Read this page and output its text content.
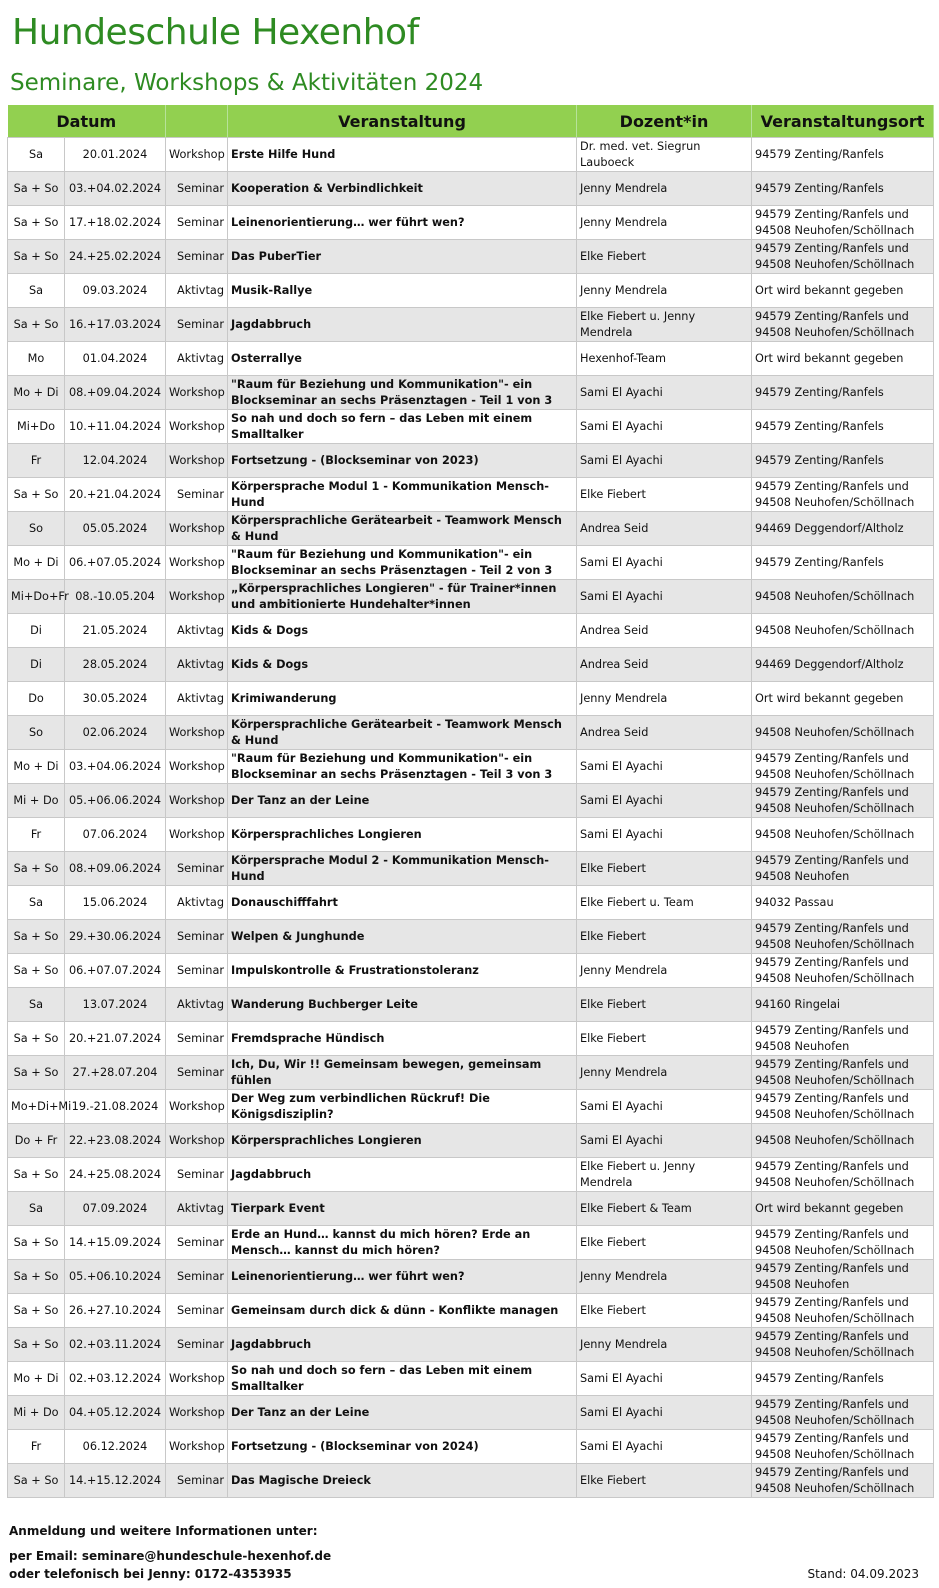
Hundeschule Hexenhof
Seminare, Workshops & Aktivitäten 2024
Datum			Veranstaltung	Dozent*in	Veranstaltungsort
Sa	20.01.2024	Workshop	Erste Hilfe Hund	Dr. med. vet. Siegrun Lauboeck	94579 Zenting/Ranfels
Sa + So	03.+04.02.2024	Seminar	Kooperation & Verbindlichkeit	Jenny Mendrela	94579 Zenting/Ranfels
Sa + So	17.+18.02.2024	Seminar	Leinenorientierung… wer führt wen?	Jenny Mendrela	94579 Zenting/Ranfels und 94508 Neuhofen/Schöllnach
Sa + So	24.+25.02.2024	Seminar	Das PuberTier	Elke Fiebert	94579 Zenting/Ranfels und 94508 Neuhofen/Schöllnach
Sa	09.03.2024	Aktivtag	Musik-Rallye	Jenny Mendrela	Ort wird bekannt gegeben
Sa + So	16.+17.03.2024	Seminar	Jagdabbruch	Elke Fiebert u. Jenny Mendrela	94579 Zenting/Ranfels und 94508 Neuhofen/Schöllnach
Mo	01.04.2024	Aktivtag	Osterrallye	Hexenhof-Team	Ort wird bekannt gegeben
Mo + Di	08.+09.04.2024	Workshop	"Raum für Beziehung und Kommunikation"- ein Blockseminar an sechs Präsenztagen - Teil 1 von 3	Sami El Ayachi	94579 Zenting/Ranfels
Mi+Do	10.+11.04.2024	Workshop	So nah und doch so fern – das Leben mit einem Smalltalker	Sami El Ayachi	94579 Zenting/Ranfels
Fr	12.04.2024	Workshop	Fortsetzung - (Blockseminar von 2023)	Sami El Ayachi	94579 Zenting/Ranfels
Sa + So	20.+21.04.2024	Seminar	Körpersprache Modul 1 - Kommunikation Mensch-Hund	Elke Fiebert	94579 Zenting/Ranfels und 94508 Neuhofen/Schöllnach
So	05.05.2024	Workshop	Körpersprachliche Gerätearbeit - Teamwork Mensch & Hund	Andrea Seid	94469 Deggendorf/Altholz
Mo + Di	06.+07.05.2024	Workshop	"Raum für Beziehung und Kommunikation"- ein Blockseminar an sechs Präsenztagen - Teil 2 von 3	Sami El Ayachi	94579 Zenting/Ranfels
Mi+Do+Fr	08.-10.05.204	Workshop	„Körpersprachliches Longieren" - für Trainer*innen und ambitionierte Hundehalter*innen	Sami El Ayachi	94508 Neuhofen/Schöllnach
Di	21.05.2024	Aktivtag	Kids & Dogs	Andrea Seid	94508 Neuhofen/Schöllnach
Di	28.05.2024	Aktivtag	Kids & Dogs	Andrea Seid	94469 Deggendorf/Altholz
Do	30.05.2024	Aktivtag	Krimiwanderung	Jenny Mendrela	Ort wird bekannt gegeben
So	02.06.2024	Workshop	Körpersprachliche Gerätearbeit - Teamwork Mensch & Hund	Andrea Seid	94508 Neuhofen/Schöllnach
Mo + Di	03.+04.06.2024	Workshop	"Raum für Beziehung und Kommunikation"- ein Blockseminar an sechs Präsenztagen - Teil 3 von 3	Sami El Ayachi	94579 Zenting/Ranfels und 94508 Neuhofen/Schöllnach
Mi + Do	05.+06.06.2024	Workshop	Der Tanz an der Leine	Sami El Ayachi	94579 Zenting/Ranfels und 94508 Neuhofen/Schöllnach
Fr	07.06.2024	Workshop	Körpersprachliches Longieren	Sami El Ayachi	94508 Neuhofen/Schöllnach
Sa + So	08.+09.06.2024	Seminar	Körpersprache Modul 2 - Kommunikation Mensch-Hund	Elke Fiebert	94579 Zenting/Ranfels und 94508 Neuhofen
Sa	15.06.2024	Aktivtag	Donauschifffahrt	Elke Fiebert u. Team	94032 Passau
Sa + So	29.+30.06.2024	Seminar	Welpen & Junghunde	Elke Fiebert	94579 Zenting/Ranfels und 94508 Neuhofen/Schöllnach
Sa + So	06.+07.07.2024	Seminar	Impulskontrolle & Frustrationstoleranz	Jenny Mendrela	94579 Zenting/Ranfels und 94508 Neuhofen/Schöllnach
Sa	13.07.2024	Aktivtag	Wanderung Buchberger Leite	Elke Fiebert	94160 Ringelai
Sa + So	20.+21.07.2024	Seminar	Fremdsprache Hündisch	Elke Fiebert	94579 Zenting/Ranfels und 94508 Neuhofen
Sa + So	27.+28.07.204	Seminar	Ich, Du, Wir !! Gemeinsam bewegen, gemeinsam fühlen	Jenny Mendrela	94579 Zenting/Ranfels und 94508 Neuhofen/Schöllnach
Mo+Di+Mi	19.-21.08.2024	Workshop	Der Weg zum verbindlichen Rückruf! Die Königsdisziplin?	Sami El Ayachi	94579 Zenting/Ranfels und 94508 Neuhofen/Schöllnach
Do + Fr	22.+23.08.2024	Workshop	Körpersprachliches Longieren	Sami El Ayachi	94508 Neuhofen/Schöllnach
Sa + So	24.+25.08.2024	Seminar	Jagdabbruch	Elke Fiebert u. Jenny Mendrela	94579 Zenting/Ranfels und 94508 Neuhofen/Schöllnach
Sa	07.09.2024	Aktivtag	Tierpark Event	Elke Fiebert & Team	Ort wird bekannt gegeben
Sa + So	14.+15.09.2024	Seminar	Erde an Hund… kannst du mich hören? Erde an Mensch… kannst du mich hören?	Elke Fiebert	94579 Zenting/Ranfels und 94508 Neuhofen/Schöllnach
Sa + So	05.+06.10.2024	Seminar	Leinenorientierung… wer führt wen?	Jenny Mendrela	94579 Zenting/Ranfels und 94508 Neuhofen
Sa + So	26.+27.10.2024	Seminar	Gemeinsam durch dick & dünn - Konflikte managen	Elke Fiebert	94579 Zenting/Ranfels und 94508 Neuhofen/Schöllnach
Sa + So	02.+03.11.2024	Seminar	Jagdabbruch	Jenny Mendrela	94579 Zenting/Ranfels und 94508 Neuhofen/Schöllnach
Mo + Di	02.+03.12.2024	Workshop	So nah und doch so fern – das Leben mit einem Smalltalker	Sami El Ayachi	94579 Zenting/Ranfels
Mi + Do	04.+05.12.2024	Workshop	Der Tanz an der Leine	Sami El Ayachi	94579 Zenting/Ranfels und 94508 Neuhofen/Schöllnach
Fr	06.12.2024	Workshop	Fortsetzung - (Blockseminar von 2024)	Sami El Ayachi	94579 Zenting/Ranfels und 94508 Neuhofen/Schöllnach
Sa + So	14.+15.12.2024	Seminar	Das Magische Dreieck	Elke Fiebert	94579 Zenting/Ranfels und 94508 Neuhofen/Schöllnach
Anmeldung und weitere Informationen unter:
per Email: seminare@hundeschule-hexenhof.de
oder telefonisch bei Jenny: 0172-4353935	Stand: 04.09.2023
